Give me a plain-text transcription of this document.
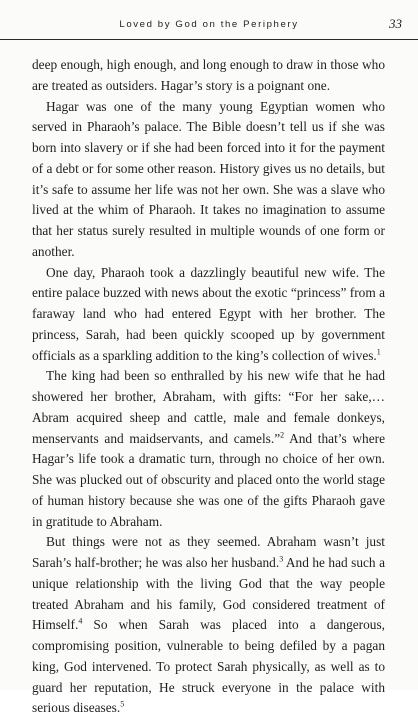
Loved by God on the Periphery	33

deep enough, high enough, and long enough to draw in those who are treated as outsiders. Hagar’s story is a poignant one.

Hagar was one of the many young Egyptian women who served in Pharaoh’s palace. The Bible doesn’t tell us if she was born into slavery or if she had been forced into it for the payment of a debt or for some other reason. History gives us no details, but it’s safe to assume her life was not her own. She was a slave who lived at the whim of Pharaoh. It takes no imagination to assume that her status surely resulted in multiple wounds of one form or another.

One day, Pharaoh took a dazzlingly beautiful new wife. The entire palace buzzed with news about the exotic “princess” from a faraway land who had entered Egypt with her brother. The princess, Sarah, had been quickly scooped up by government officials as a sparkling addition to the king’s collection of wives.$^1$

The king had been so enthralled by his new wife that he had showered her brother, Abraham, with gifts: “For her sake,… Abram acquired sheep and cattle, male and female donkeys, menservants and maidservants, and camels.”$^2$ And that’s where Hagar’s life took a dramatic turn, through no choice of her own. She was plucked out of obscurity and placed onto the world stage of human history because she was one of the gifts Pharaoh gave in gratitude to Abraham.

But things were not as they seemed. Abraham wasn’t just Sarah’s half-brother; he was also her husband.$^3$ And he had such a unique relationship with the living God that the way people treated Abraham and his family, God considered treatment of Himself.$^4$ So when Sarah was placed into a dangerous, compromising position, vulnerable to being defiled by a pagan king, God intervened. To protect Sarah physically, as well as to guard her reputation, He struck everyone in the palace with serious diseases.$^5$
